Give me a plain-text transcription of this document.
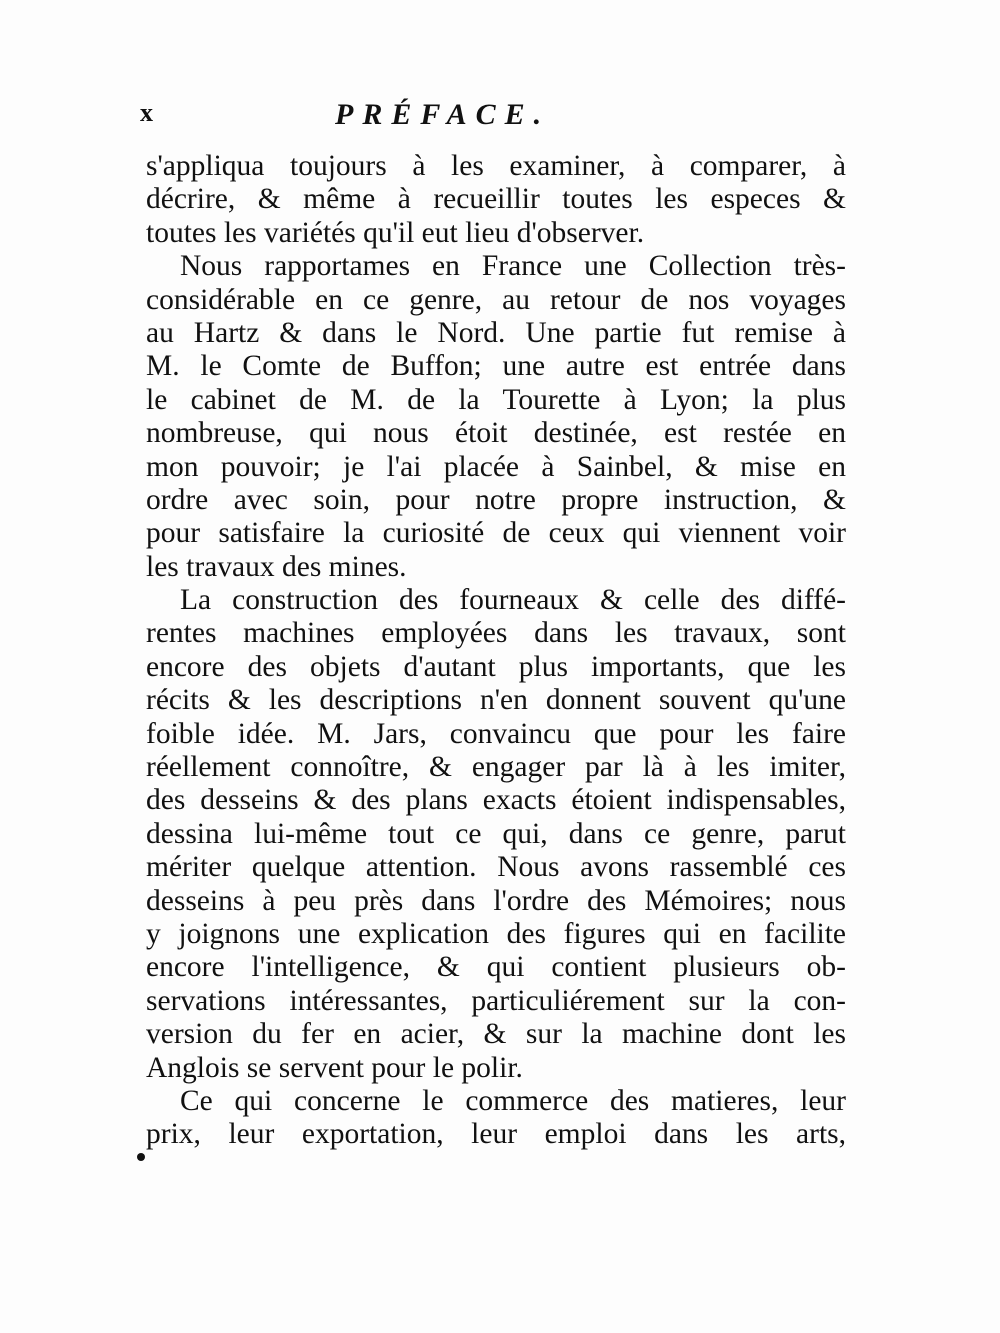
x	PRÉFACE.
s'appliqua toujours à les examiner, à comparer, à
décrire, & même à recueillir toutes les especes &
toutes les variétés qu'il eut lieu d'observer.
Nous rapportames en France une Collection très-
considérable en ce genre, au retour de nos voyages
au Hartz & dans le Nord. Une partie fut remise à
M. le Comte de Buffon; une autre est entrée dans
le cabinet de M. de la Tourette à Lyon; la plus
nombreuse, qui nous étoit destinée, est restée en
mon pouvoir; je l'ai placée à Sainbel, & mise en
ordre avec soin, pour notre propre instruction, &
pour satisfaire la curiosité de ceux qui viennent voir
les travaux des mines.
La construction des fourneaux & celle des diffé-
rentes machines employées dans les travaux, sont
encore des objets d'autant plus importants, que les
récits & les descriptions n'en donnent souvent qu'une
foible idée. M. Jars, convaincu que pour les faire
réellement connoître, & engager par là à les imiter,
des desseins & des plans exacts étoient indispensables,
dessina lui-même tout ce qui, dans ce genre, parut
mériter quelque attention. Nous avons rassemblé ces
desseins à peu près dans l'ordre des Mémoires; nous
y joignons une explication des figures qui en facilite
encore l'intelligence, & qui contient plusieurs ob-
servations intéressantes, particuliérement sur la con-
version du fer en acier, & sur la machine dont les
Anglois se servent pour le polir.
Ce qui concerne le commerce des matieres, leur
prix, leur exportation, leur emploi dans les arts,
